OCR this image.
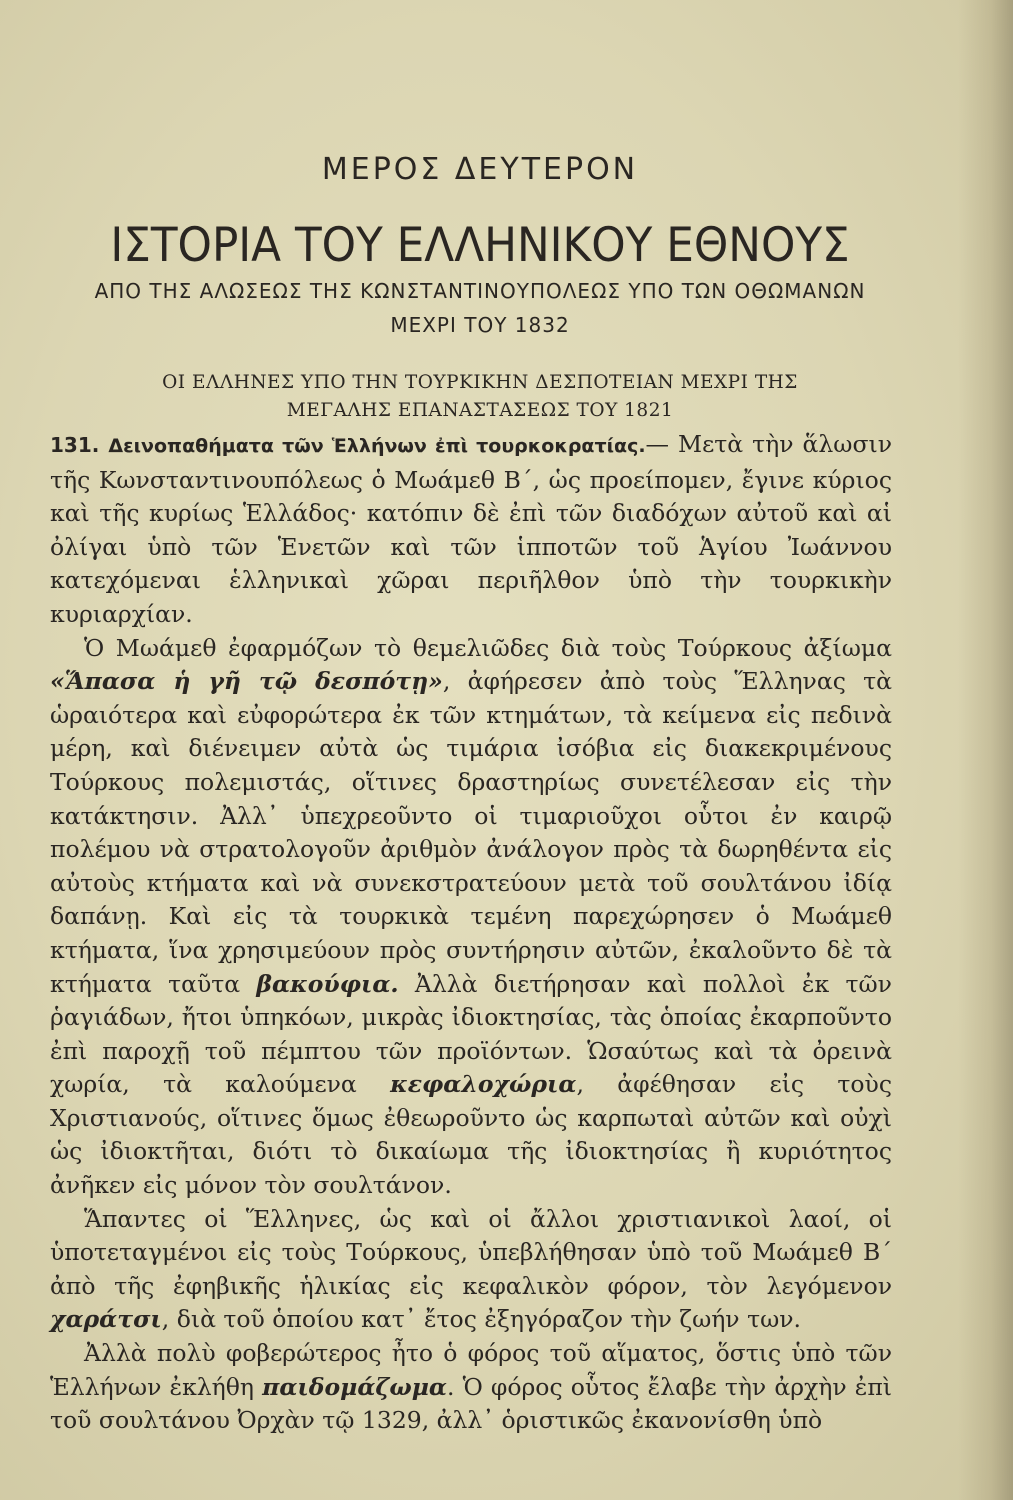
ΜΕΡΟΣ ΔΕΥΤΕΡΟΝ
ΙΣΤΟΡΙΑ ΤΟΥ ΕΛΛΗΝΙΚΟΥ ΕΘΝΟΥΣ
ΑΠΟ ΤΗΣ ΑΛΩΣΕΩΣ ΤΗΣ ΚΩΝΣΤΑΝΤΙΝΟΥΠΟΛΕΩΣ ΥΠΟ ΤΩΝ ΟΘΩΜΑΝΩΝ
ΜΕΧΡΙ ΤΟΥ 1832
ΟΙ ΕΛΛΗΝΕΣ ΥΠΟ ΤΗΝ ΤΟΥΡΚΙΚΗΝ ΔΕΣΠΟΤΕΙΑΝ ΜΕΧΡΙ ΤΗΣ
ΜΕΓΑΛΗΣ ΕΠΑΝΑΣΤΑΣΕΩΣ ΤΟΥ 1821

131. Δεινοπαθήματα τῶν Ἑλλήνων ἐπὶ τουρκοκρατίας.— Μετὰ τὴν ἅλωσιν τῆς Κωνσταντινουπόλεως ὁ Μωάμεθ Β΄, ὡς προείπομεν, ἔγινε κύριος καὶ τῆς κυρίως Ἑλλάδος· κατόπιν δὲ ἐπὶ τῶν διαδόχων αὐτοῦ καὶ αἱ ὀλίγαι ὑπὸ τῶν Ἑνετῶν καὶ τῶν ἱπποτῶν τοῦ Ἁγίου Ἰωάννου κατεχόμεναι ἑλληνικαὶ χῶραι περιῆλθον ὑπὸ τὴν τουρκικὴν κυριαρχίαν.

Ὁ Μωάμεθ ἐφαρμόζων τὸ θεμελιῶδες διὰ τοὺς Τούρκους ἀξίωμα «Ἅπασα ἡ γῆ τῷ δεσπότῃ», ἀφήρεσεν ἀπὸ τοὺς Ἕλληνας τὰ ὡραιότερα καὶ εὐφορώτερα ἐκ τῶν κτημάτων, τὰ κείμενα εἰς πεδινὰ μέρη, καὶ διένειμεν αὐτὰ ὡς τιμάρια ἰσόβια εἰς διακεκριμένους Τούρκους πολεμιστάς, οἵτινες δραστηρίως συνετέλεσαν εἰς τὴν κατάκτησιν. Ἀλλ᾿ ὑπεχρεοῦντο οἱ τιμαριοῦχοι οὗτοι ἐν καιρῷ πολέμου νὰ στρατολογοῦν ἀριθμὸν ἀνάλογον πρὸς τὰ δωρηθέντα εἰς αὐτοὺς κτήματα καὶ νὰ συνεκστρατεύουν μετὰ τοῦ σουλτάνου ἰδίᾳ δαπάνῃ. Καὶ εἰς τὰ τουρκικὰ τεμένη παρεχώρησεν ὁ Μωάμεθ κτήματα, ἵνα χρησιμεύουν πρὸς συντήρησιν αὐτῶν, ἐκαλοῦντο δὲ τὰ κτήματα ταῦτα βακούφια. Ἀλλὰ διετήρησαν καὶ πολλοὶ ἐκ τῶν ῥαγιάδων, ἤτοι ὑπηκόων, μικρὰς ἰδιοκτησίας, τὰς ὁποίας ἐκαρποῦντο ἐπὶ παροχῇ τοῦ πέμπτου τῶν προϊόντων. Ὡσαύτως καὶ τὰ ὀρεινὰ χωρία, τὰ καλούμενα κεφαλοχώρια, ἀφέθησαν εἰς τοὺς Χριστιανούς, οἵτινες ὅμως ἐθεωροῦντο ὡς καρπωταὶ αὐτῶν καὶ οὐχὶ ὡς ἰδιοκτῆται, διότι τὸ δικαίωμα τῆς ἰδιοκτησίας ἢ κυριότητος ἀνῆκεν εἰς μόνον τὸν σουλτάνον.

Ἅπαντες οἱ Ἕλληνες, ὡς καὶ οἱ ἄλλοι χριστιανικοὶ λαοί, οἱ ὑποτεταγμένοι εἰς τοὺς Τούρκους, ὑπεβλήθησαν ὑπὸ τοῦ Μωάμεθ Β΄ ἀπὸ τῆς ἐφηβικῆς ἡλικίας εἰς κεφαλικὸν φόρον, τὸν λεγόμενον χαράτσι, διὰ τοῦ ὁποίου κατ᾿ ἔτος ἐξηγόραζον τὴν ζωήν των.

Ἀλλὰ πολὺ φοβερώτερος ἦτο ὁ φόρος τοῦ αἵματος, ὅστις ὑπὸ τῶν Ἑλλήνων ἐκλήθη παιδομάζωμα. Ὁ φόρος οὗτος ἔλαβε τὴν ἀρχὴν ἐπὶ τοῦ σουλτάνου Ὀρχὰν τῷ 1329, ἀλλ᾿ ὁριστικῶς ἐκανονίσθη ὑπὸ
